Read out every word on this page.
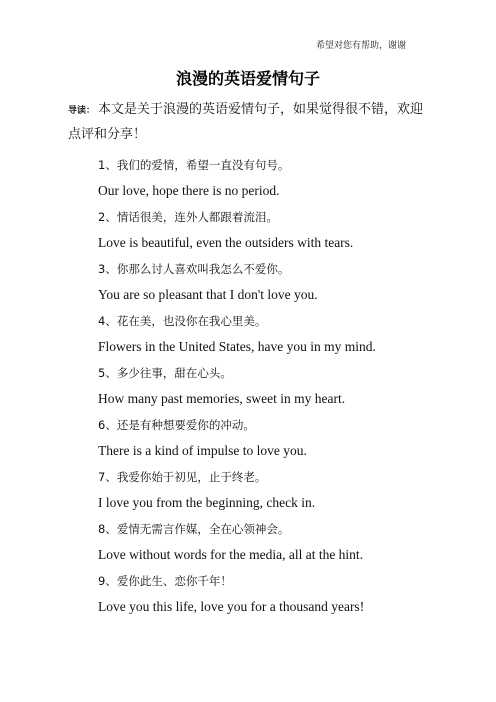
希望对您有帮助，谢谢
浪漫的英语爱情句子
导读： 本文是关于浪漫的英语爱情句子，如果觉得很不错，欢迎点评和分享！
1、我们的爱情，希望一直没有句号。
Our love, hope there is no period.
2、情话很美，连外人都跟着流泪。
Love is beautiful, even the outsiders with tears.
3、你那么讨人喜欢叫我怎么不爱你。
You are so pleasant that I don't love you.
4、花在美，也没你在我心里美。
Flowers in the United States, have you in my mind.
5、多少往事，甜在心头。
How many past memories, sweet in my heart.
6、还是有种想要爱你的冲动。
There is a kind of impulse to love you.
7、我爱你始于初见，止于终老。
I love you from the beginning, check in.
8、爱情无需言作媒，全在心领神会。
Love without words for the media, all at the hint.
9、爱你此生、恋你千年！
Love you this life, love you for a thousand years!
